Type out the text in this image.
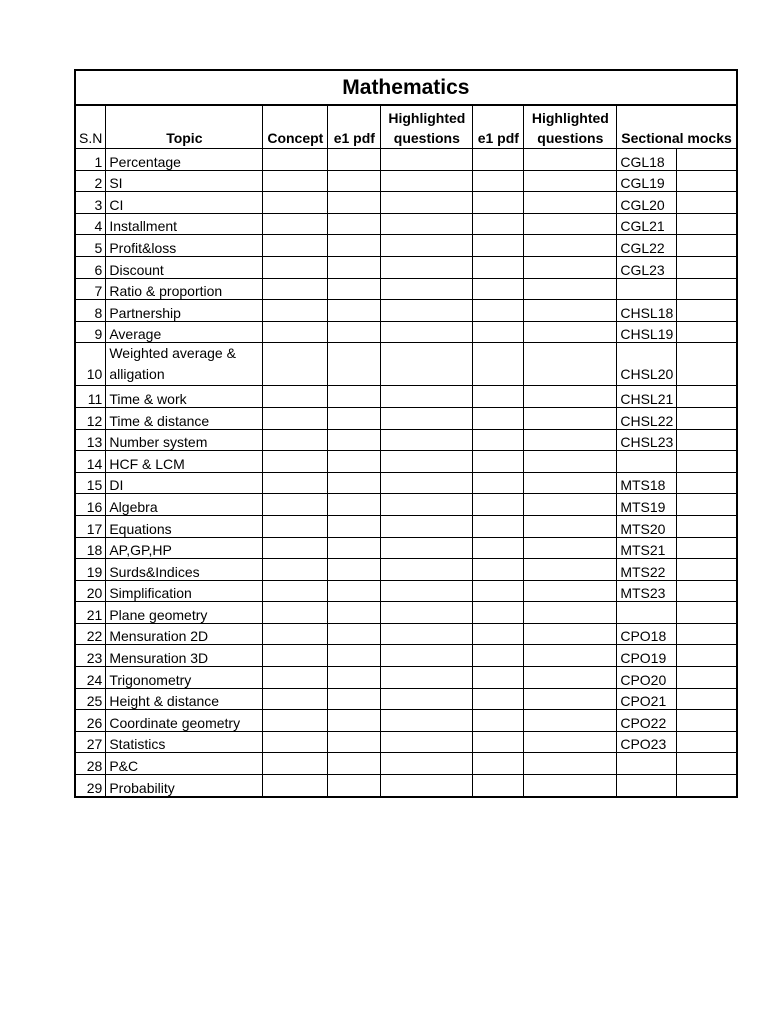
Mathematics								
S.N	Topic	Concept	e1 pdf	Highlighted questions	e1 pdf	Highlighted questions	Sectional mocks	
1	Percentage						CGL18	
2	SI						CGL19	
3	CI						CGL20	
4	Installment						CGL21	
5	Profit&loss						CGL22	
6	Discount						CGL23	
7	Ratio & proportion							
8	Partnership						CHSL18	
9	Average						CHSL19	
10	Weighted average & alligation						CHSL20	
11	Time & work						CHSL21	
12	Time & distance						CHSL22	
13	Number system						CHSL23	
14	HCF & LCM							
15	DI						MTS18	
16	Algebra						MTS19	
17	Equations						MTS20	
18	AP,GP,HP						MTS21	
19	Surds&Indices						MTS22	
20	Simplification						MTS23	
21	Plane geometry							
22	Mensuration 2D						CPO18	
23	Mensuration 3D						CPO19	
24	Trigonometry						CPO20	
25	Height & distance						CPO21	
26	Coordinate geometry						CPO22	
27	Statistics						CPO23	
28	P&C							
29	Probability							
